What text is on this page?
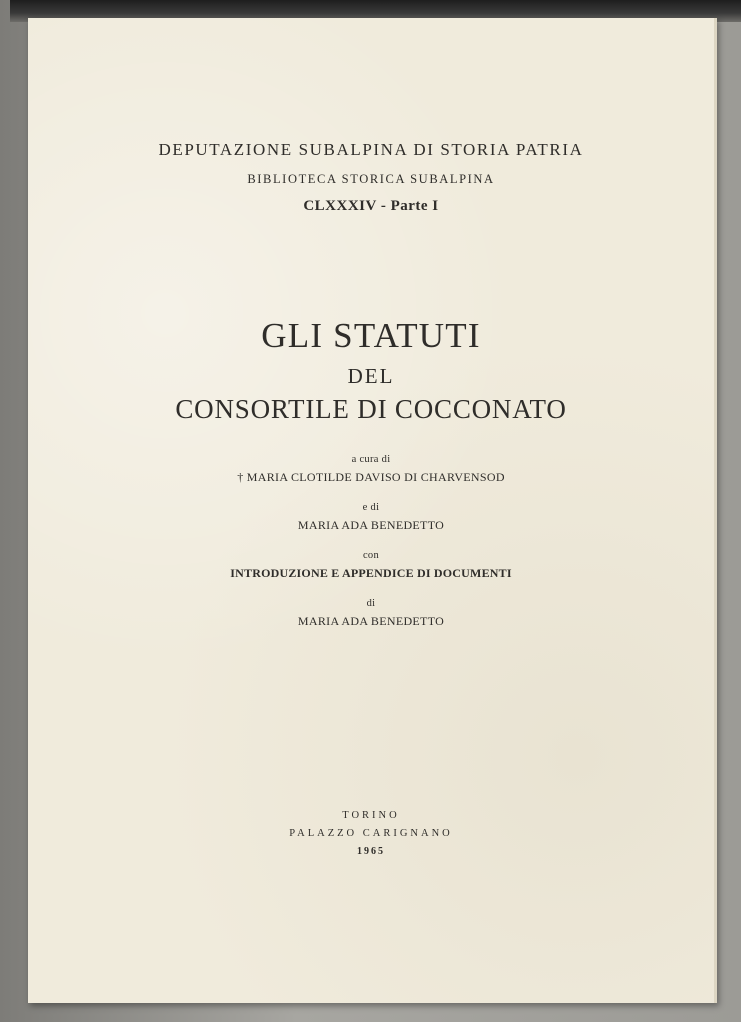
DEPUTAZIONE SUBALPINA DI STORIA PATRIA
BIBLIOTECA STORICA SUBALPINA
CLXXXIV - Parte I
GLI STATUTI
DEL
CONSORTILE DI COCCONATO
a cura di
† MARIA CLOTILDE DAVISO DI CHARVENSOD
e di
MARIA ADA BENEDETTO
con
INTRODUZIONE E APPENDICE DI DOCUMENTI
di
MARIA ADA BENEDETTO
TORINO
PALAZZO CARIGNANO
1965
